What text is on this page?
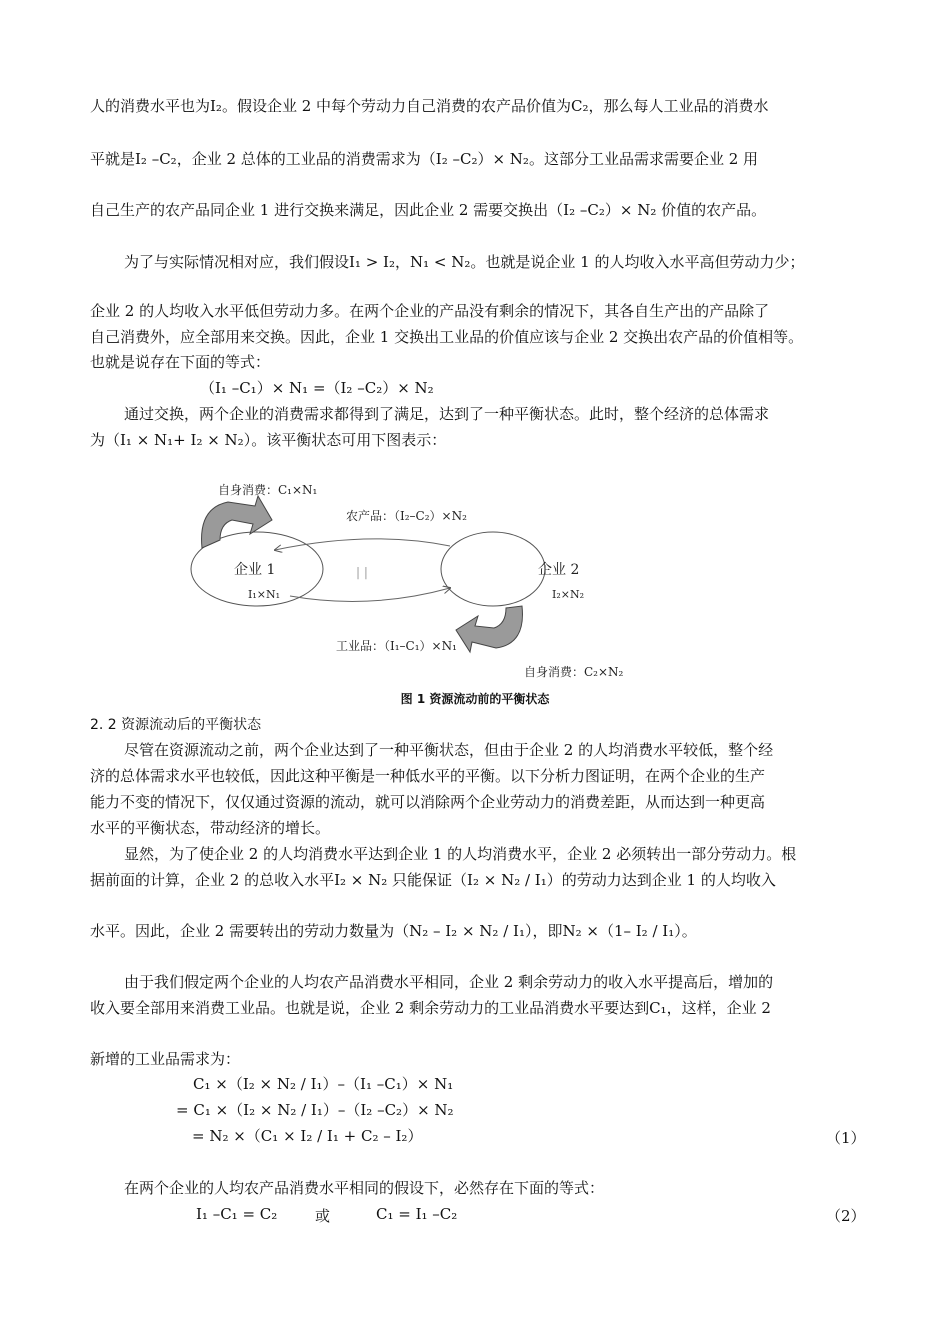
人的消费水平也为I₂。假设企业 2 中每个劳动力自己消费的农产品价值为C₂，那么每人工业品的消费水
平就是I₂ –C₂，企业 2 总体的工业品的消费需求为（I₂ –C₂）× N₂。这部分工业品需求需要企业 2 用
自己生产的农产品同企业 1 进行交换来满足，因此企业 2 需要交换出（I₂ –C₂）× N₂ 价值的农产品。
为了与实际情况相对应，我们假设I₁ > I₂，N₁ < N₂。也就是说企业 1 的人均收入水平高但劳动力少；
企业 2 的人均收入水平低但劳动力多。在两个企业的产品没有剩余的情况下，其各自生产出的产品除了
自己消费外，应全部用来交换。因此，企业 1 交换出工业品的价值应该与企业 2 交换出农产品的价值相等。
也就是说存在下面的等式：
（I₁ –C₁）× N₁ =（I₂ –C₂）× N₂
通过交换，两个企业的消费需求都得到了满足，达到了一种平衡状态。此时，整个经济的总体需求
为（I₁ × N₁+ I₂ × N₂）。该平衡状态可用下图表示：
自身消费：C₁×N₁
农产品：（I₂–C₂）×N₂
企业 1	企业 2
| |
I₁×N₁	I₂×N₂
工业品：（I₁–C₁）×N₁
自身消费：C₂×N₂
图 1 资源流动前的平衡状态
2. 2 资源流动后的平衡状态
尽管在资源流动之前，两个企业达到了一种平衡状态，但由于企业 2 的人均消费水平较低，整个经
济的总体需求水平也较低，因此这种平衡是一种低水平的平衡。以下分析力图证明，在两个企业的生产
能力不变的情况下，仅仅通过资源的流动，就可以消除两个企业劳动力的消费差距，从而达到一种更高
水平的平衡状态，带动经济的增长。
显然，为了使企业 2 的人均消费水平达到企业 1 的人均消费水平，企业 2 必须转出一部分劳动力。根
据前面的计算，企业 2 的总收入水平I₂ × N₂ 只能保证（I₂ × N₂ / I₁）的劳动力达到企业 1 的人均收入
水平。因此，企业 2 需要转出的劳动力数量为（N₂ – I₂ × N₂ / I₁），即N₂ ×（1– I₂ / I₁）。
由于我们假定两个企业的人均农产品消费水平相同，企业 2 剩余劳动力的收入水平提高后，增加的
收入要全部用来消费工业品。也就是说，企业 2 剩余劳动力的工业品消费水平要达到C₁，这样，企业 2
新增的工业品需求为：
C₁ ×（I₂ × N₂ / I₁）–（I₁ –C₁）× N₁
= C₁ ×（I₂ × N₂ / I₁）–（I₂ –C₂）× N₂
= N₂ ×（C₁ × I₂ / I₁ + C₂ – I₂）	（1）
在两个企业的人均农产品消费水平相同的假设下，必然存在下面的等式：
I₁ –C₁ = C₂	或	C₁ = I₁ –C₂	（2）
